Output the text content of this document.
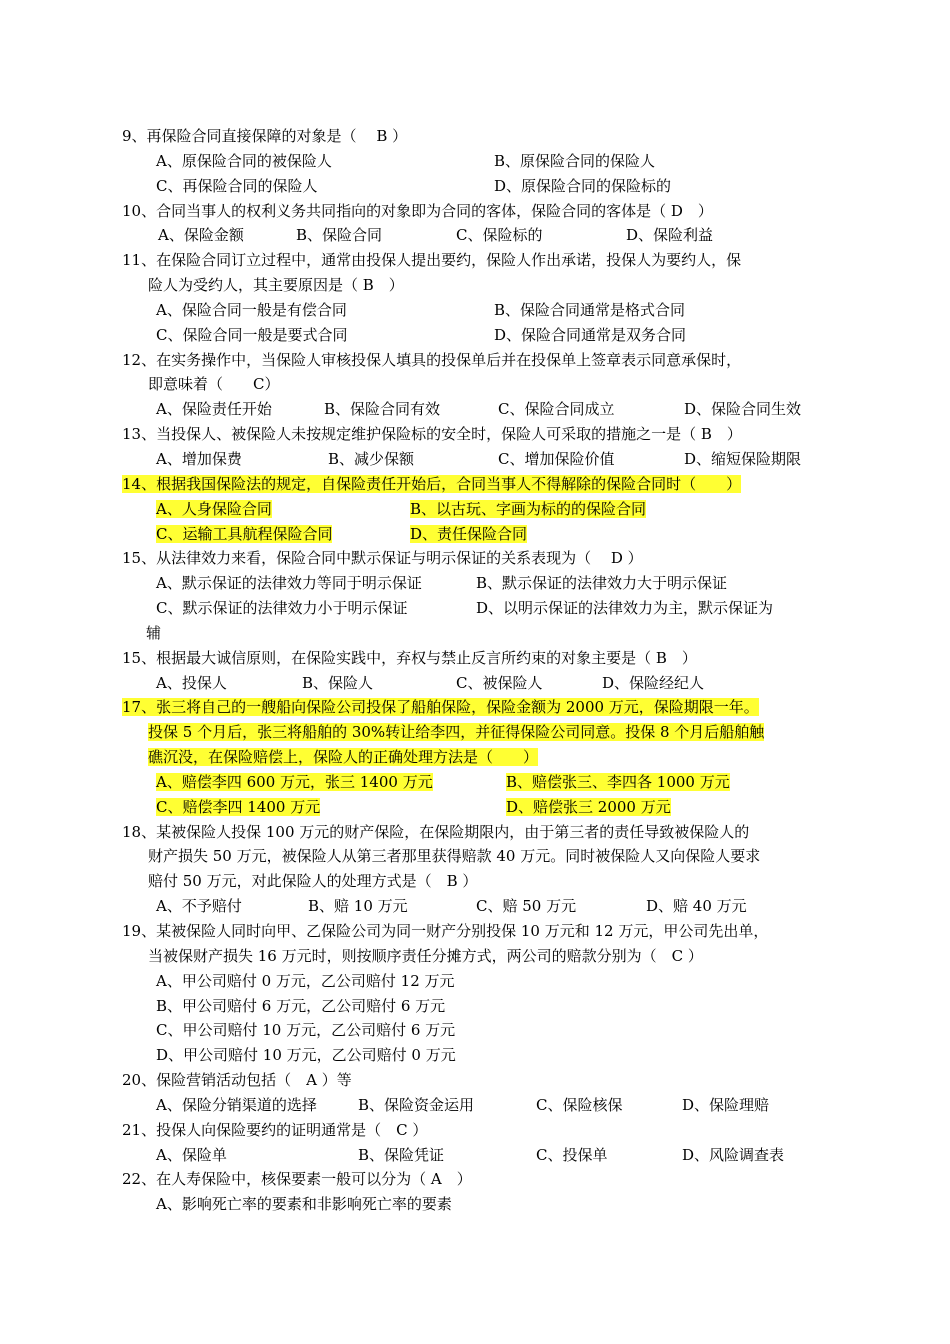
9、再保险合同直接保障的对象是（　 B ）
A、原保险合同的被保险人	B、原保险合同的保险人
C、再保险合同的保险人	D、原保险合同的保险标的
10、合同当事人的权利义务共同指向的对象即为合同的客体，保险合同的客体是（ D　）
A、保险金额	B、保险合同	C、保险标的	D、保险利益
11、在保险合同订立过程中，通常由投保人提出要约，保险人作出承诺，投保人为要约人，保
险人为受约人，其主要原因是（ B　）
A、保险合同一般是有偿合同	B、保险合同通常是格式合同
C、保险合同一般是要式合同	D、保险合同通常是双务合同
12、在实务操作中，当保险人审核投保人填具的投保单后并在投保单上签章表示同意承保时，
即意味着（　　C）
A、保险责任开始	B、保险合同有效	C、保险合同成立	D、保险合同生效
13、当投保人、被保险人未按规定维护保险标的安全时，保险人可采取的措施之一是（ B　）
A、增加保费	B、减少保额	C、增加保险价值	D、缩短保险期限
14、根据我国保险法的规定，自保险责任开始后，合同当事人不得解除的保险合同时（　　）
A、人身保险合同	B、以古玩、字画为标的的保险合同
C、运输工具航程保险合同	D、责任保险合同
15、从法律效力来看，保险合同中默示保证与明示保证的关系表现为（　 D ）
A、默示保证的法律效力等同于明示保证	B、默示保证的法律效力大于明示保证
C、默示保证的法律效力小于明示保证	D、以明示保证的法律效力为主，默示保证为
辅
15、根据最大诚信原则，在保险实践中，弃权与禁止反言所约束的对象主要是（ B　）
A、投保人	B、保险人	C、被保险人	D、保险经纪人
17、张三将自己的一艘船向保险公司投保了船舶保险，保险金额为 2000 万元，保险期限一年。
投保 5 个月后，张三将船舶的 30%转让给李四，并征得保险公司同意。投保 8 个月后船舶触
礁沉没，在保险赔偿上，保险人的正确处理方法是（　　）
A、赔偿李四 600 万元，张三 1400 万元	B、赔偿张三、李四各 1000 万元
C、赔偿李四 1400 万元	D、赔偿张三 2000 万元
18、某被保险人投保 100 万元的财产保险，在保险期限内，由于第三者的责任导致被保险人的
财产损失 50 万元，被保险人从第三者那里获得赔款 40 万元。同时被保险人又向保险人要求
赔付 50 万元，对此保险人的处理方式是（　B ）
A、不予赔付	B、赔 10 万元	C、赔 50 万元	D、赔 40 万元
19、某被保险人同时向甲、乙保险公司为同一财产分别投保 10 万元和 12 万元，甲公司先出单，
当被保财产损失 16 万元时，则按顺序责任分摊方式，两公司的赔款分别为（　C ）
A、甲公司赔付 0 万元，乙公司赔付 12 万元
B、甲公司赔付 6 万元，乙公司赔付 6 万元
C、甲公司赔付 10 万元，乙公司赔付 6 万元
D、甲公司赔付 10 万元，乙公司赔付 0 万元
20、保险营销活动包括（　A ）等
A、保险分销渠道的选择	B、保险资金运用	C、保险核保	D、保险理赔
21、投保人向保险要约的证明通常是（　C ）
A、保险单	B、保险凭证	C、投保单	D、风险调查表
22、在人寿保险中，核保要素一般可以分为（ A　）
A、影响死亡率的要素和非影响死亡率的要素
